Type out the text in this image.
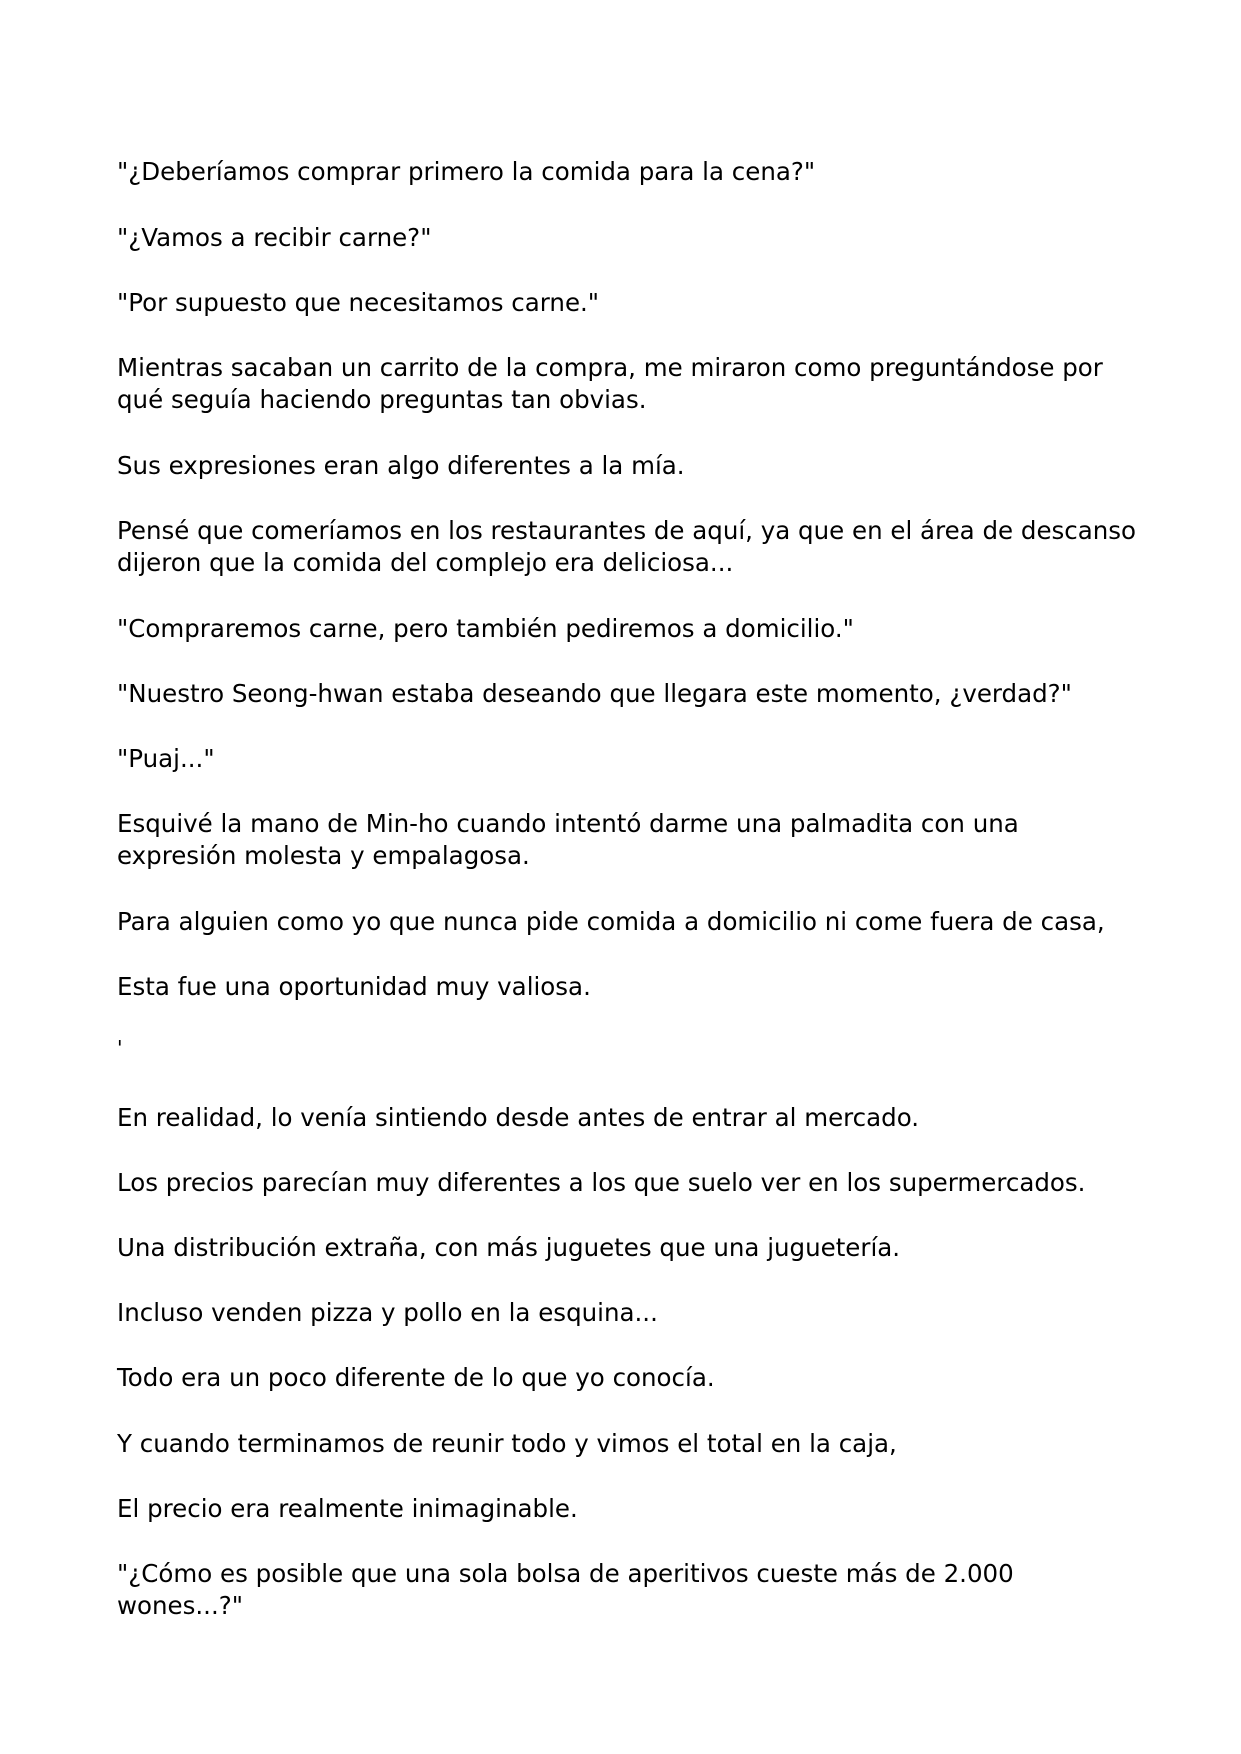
"¿Deberíamos comprar primero la comida para la cena?"

"¿Vamos a recibir carne?"

"Por supuesto que necesitamos carne."

Mientras sacaban un carrito de la compra, me miraron como preguntándose por qué seguía haciendo preguntas tan obvias.

Sus expresiones eran algo diferentes a la mía.

Pensé que comeríamos en los restaurantes de aquí, ya que en el área de descanso dijeron que la comida del complejo era deliciosa...

"Compraremos carne, pero también pediremos a domicilio."

"Nuestro Seong-hwan estaba deseando que llegara este momento, ¿verdad?"

"Puaj..."

Esquivé la mano de Min-ho cuando intentó darme una palmadita con una expresión molesta y empalagosa.

Para alguien como yo que nunca pide comida a domicilio ni come fuera de casa,

Esta fue una oportunidad muy valiosa.

'

En realidad, lo venía sintiendo desde antes de entrar al mercado.

Los precios parecían muy diferentes a los que suelo ver en los supermercados.

Una distribución extraña, con más juguetes que una juguetería.

Incluso venden pizza y pollo en la esquina...

Todo era un poco diferente de lo que yo conocía.

Y cuando terminamos de reunir todo y vimos el total en la caja,

El precio era realmente inimaginable.

"¿Cómo es posible que una sola bolsa de aperitivos cueste más de 2.000 wones...?"
